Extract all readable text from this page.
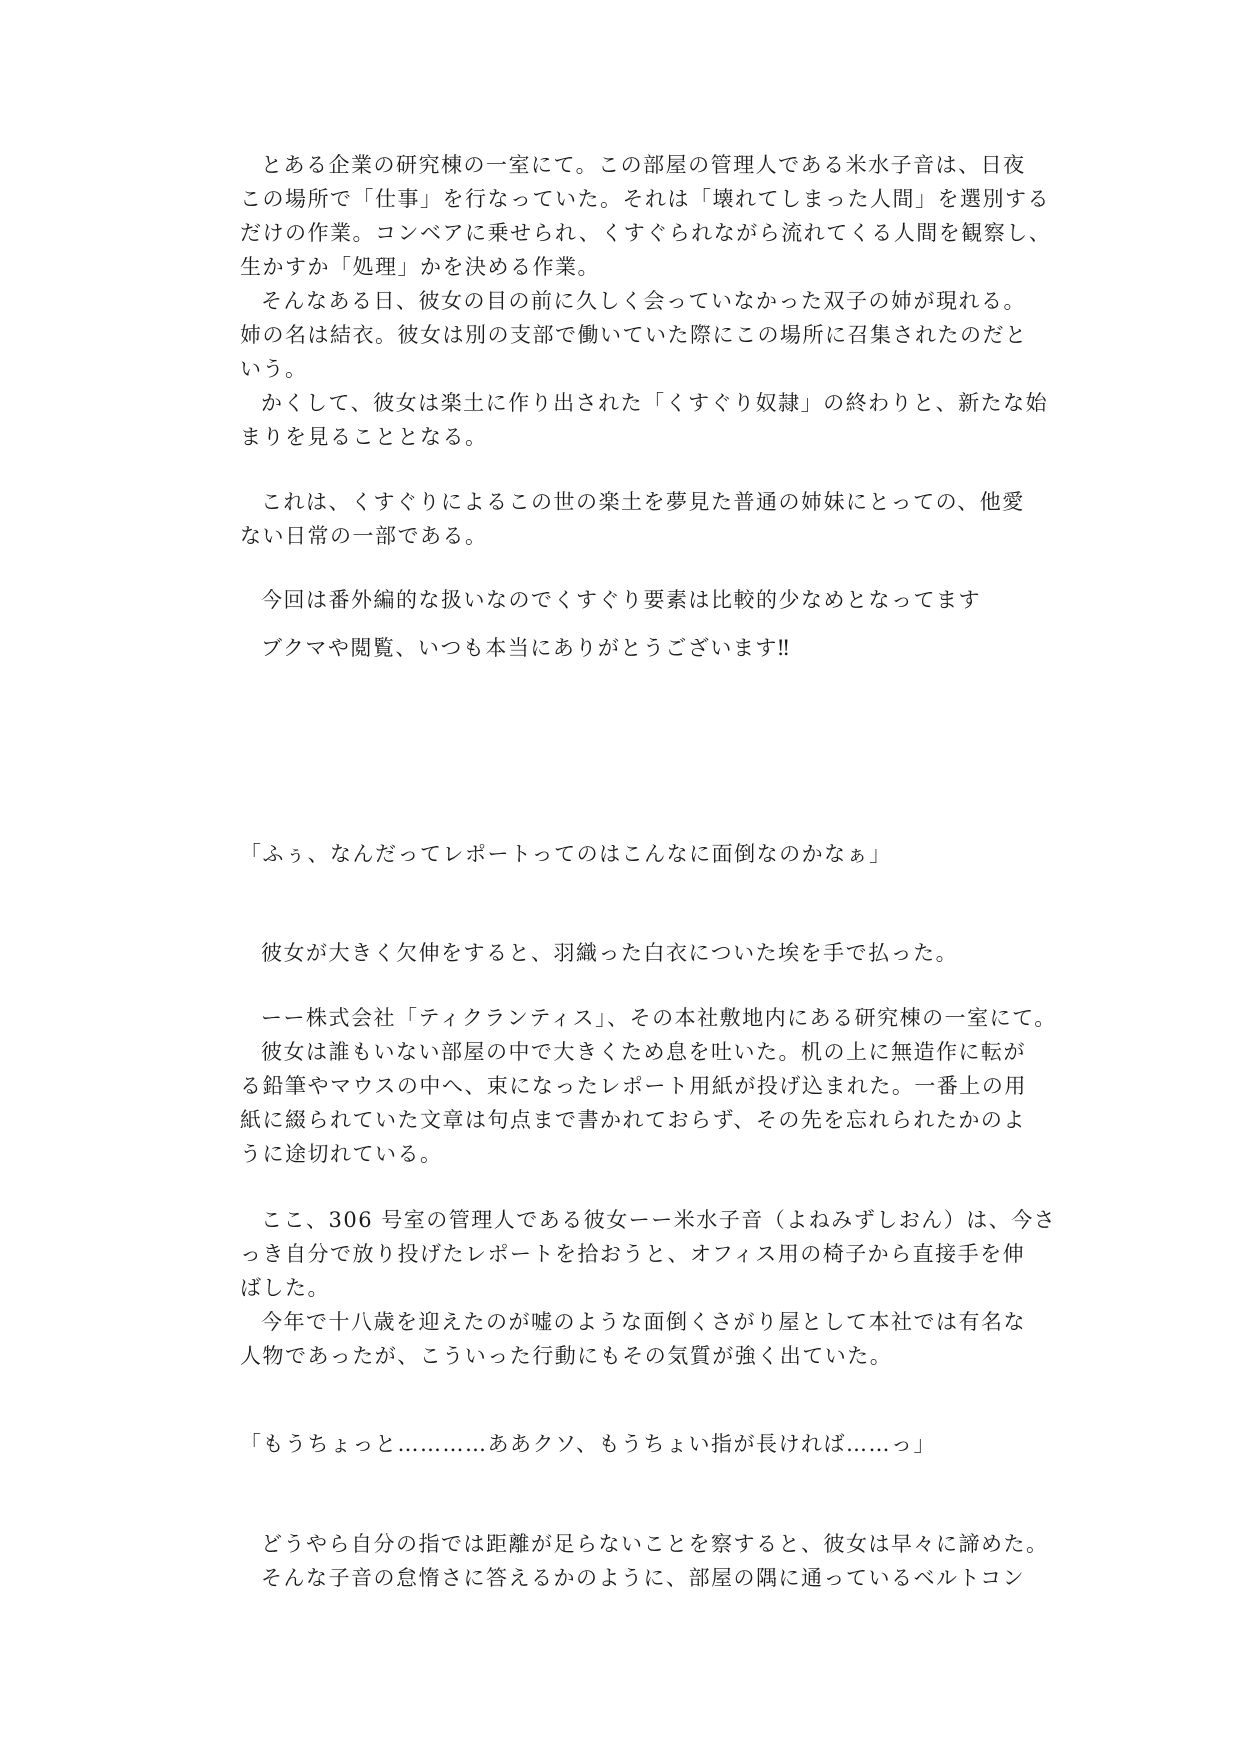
とある企業の研究棟の一室にて。この部屋の管理人である米水子音は、日夜
この場所で「仕事」を行なっていた。それは「壊れてしまった人間」を選別する
だけの作業。コンベアに乗せられ、くすぐられながら流れてくる人間を観察し、
生かすか「処理」かを決める作業。
そんなある日、彼女の目の前に久しく会っていなかった双子の姉が現れる。
姉の名は結衣。彼女は別の支部で働いていた際にこの場所に召集されたのだと
いう。
かくして、彼女は楽土に作り出された「くすぐり奴隷」の終わりと、新たな始
まりを見ることとなる。
これは、くすぐりによるこの世の楽土を夢見た普通の姉妹にとっての、他愛
ない日常の一部である。
今回は番外編的な扱いなのでくすぐり要素は比較的少なめとなってます
ブクマや閲覧、いつも本当にありがとうございます‼
「ふぅ、なんだってレポートってのはこんなに面倒なのかなぁ」
彼女が大きく欠伸をすると、羽織った白衣についた埃を手で払った。
ーー株式会社「ティクランティス」、その本社敷地内にある研究棟の一室にて。
彼女は誰もいない部屋の中で大きくため息を吐いた。机の上に無造作に転が
る鉛筆やマウスの中へ、束になったレポート用紙が投げ込まれた。一番上の用
紙に綴られていた文章は句点まで書かれておらず、その先を忘れられたかのよ
うに途切れている。
ここ、306 号室の管理人である彼女ーー米水子音（よねみずしおん）は、今さ
っき自分で放り投げたレポートを拾おうと、オフィス用の椅子から直接手を伸
ばした。
今年で十八歳を迎えたのが嘘のような面倒くさがり屋として本社では有名な
人物であったが、こういった行動にもその気質が強く出ていた。
「もうちょっと…………ああクソ、もうちょい指が長ければ……っ」
どうやら自分の指では距離が足らないことを察すると、彼女は早々に諦めた。
そんな子音の怠惰さに答えるかのように、部屋の隅に通っているベルトコン
